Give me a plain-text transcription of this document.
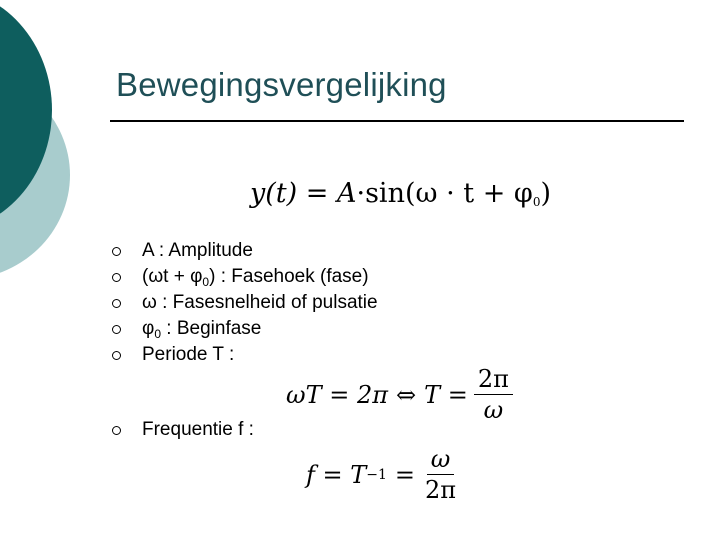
Bewegingsvergelijking
$y(t) = A\cdot\sin(\omega \cdot t + \varphi_0)$
A : Amplitude
$(\omega t + \varphi_0)$ : Fasehoek (fase)
ω : Fasesnelheid of pulsatie
$\varphi_0$ : Beginfase
Periode T :
Frequentie f :
ωT = 2π ⇔ $T = \frac{2\pi}{\omega}$
$f = T -1 = \frac{\omega}{2\pi}$
